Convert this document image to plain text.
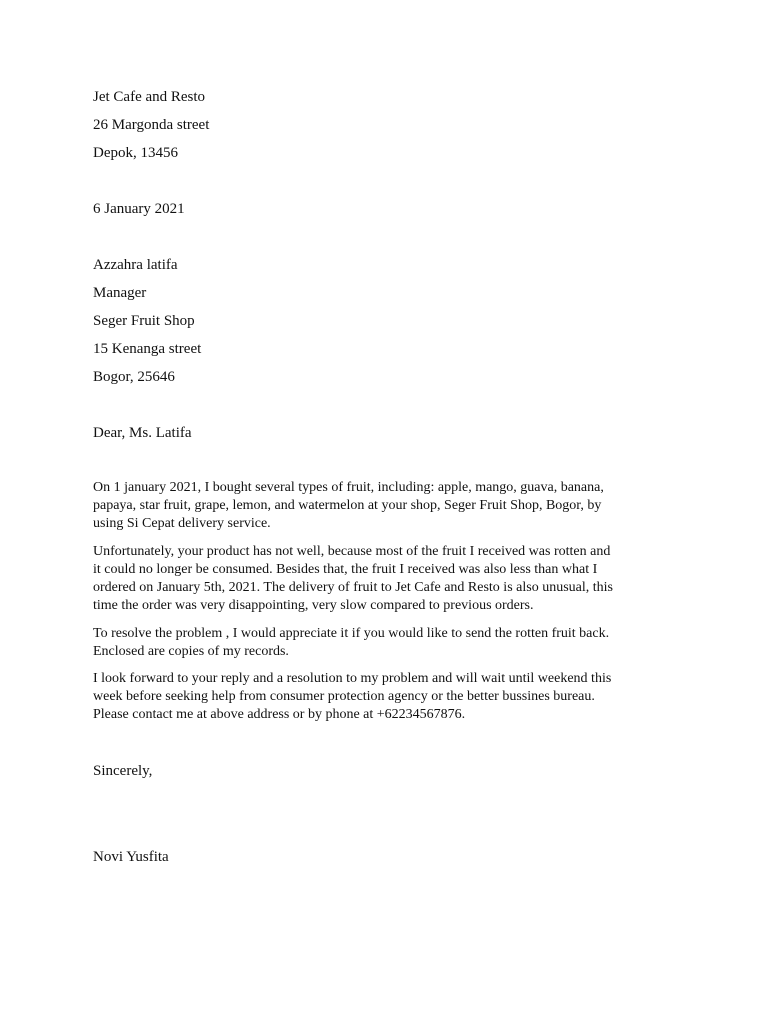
Jet Cafe and Resto
26 Margonda street
Depok, 13456
6 January 2021
Azzahra latifa
Manager
Seger Fruit Shop
15 Kenanga street
Bogor, 25646
Dear, Ms. Latifa
On 1 january 2021, I bought several types of fruit, including: apple, mango, guava, banana,
papaya, star fruit, grape, lemon, and watermelon at your shop, Seger Fruit Shop, Bogor, by
using Si Cepat delivery service.
Unfortunately, your product has not well, because most of the fruit I received was rotten and
it could no longer be consumed. Besides that, the fruit I received was also less than what I
ordered on January 5th, 2021. The delivery of fruit to Jet Cafe and Resto is also unusual, this
time the order was very disappointing, very slow compared to previous orders.
To resolve the problem , I would appreciate it if you would like to send the rotten fruit back.
Enclosed are copies of my records.
I look forward to your reply and a resolution to my problem and will wait until weekend this
week before seeking help from consumer protection agency or the better bussines bureau.
Please contact me at above address or by phone at +62234567876.
Sincerely,
Novi Yusfita
